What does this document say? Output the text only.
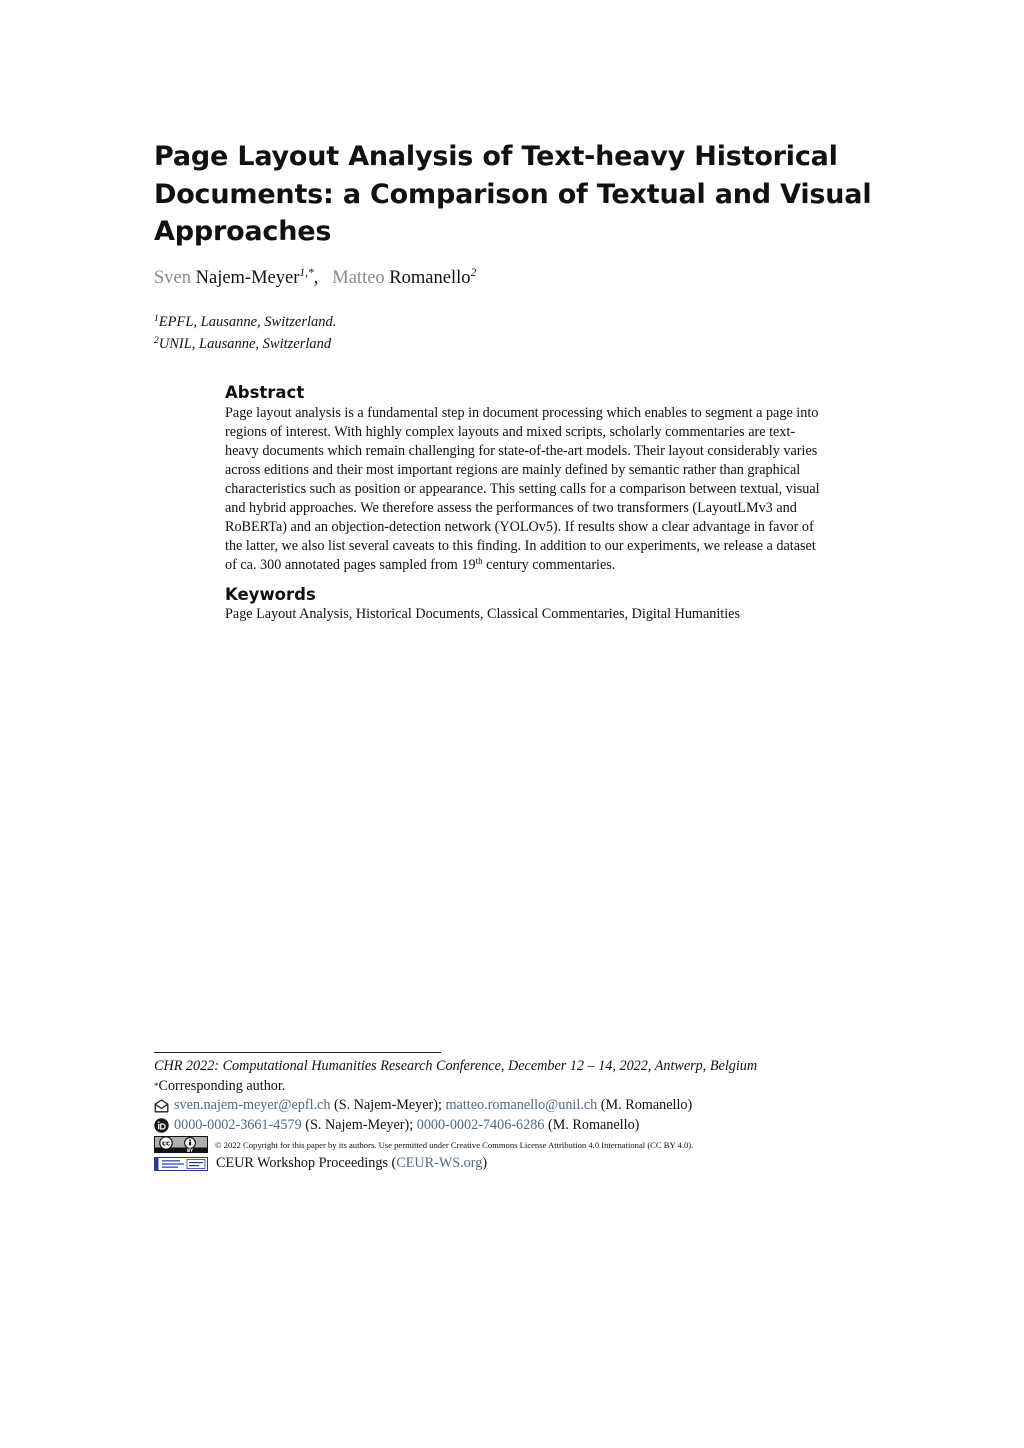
Page Layout Analysis of Text-heavy Historical
Documents: a Comparison of Textual and Visual
Approaches
Sven Najem-Meyer$^{1,*}$,   Matteo Romanello$^2$
$^1$EPFL, Lausanne, Switzerland.
$^2$UNIL, Lausanne, Switzerland
Abstract
Page layout analysis is a fundamental step in document processing which enables to segment a page into
regions of interest. With highly complex layouts and mixed scripts, scholarly commentaries are text-
heavy documents which remain challenging for state-of-the-art models. Their layout considerably varies
across editions and their most important regions are mainly defined by semantic rather than graphical
characteristics such as position or appearance. This setting calls for a comparison between textual, visual
and hybrid approaches. We therefore assess the performances of two transformers (LayoutLMv3 and
RoBERTa) and an objection-detection network (YOLOv5). If results show a clear advantage in favor of
the latter, we also list several caveats to this finding. In addition to our experiments, we release a dataset
of ca. 300 annotated pages sampled from 19th century commentaries.
Keywords
Page Layout Analysis, Historical Documents, Classical Commentaries, Digital Humanities
CHR 2022: Computational Humanities Research Conference, December 12 – 14, 2022, Antwerp, Belgium
* Corresponding author.
sven.najem-meyer@epfl.ch (S. Najem-Meyer); matteo.romanello@unil.ch (M. Romanello)
0000-0002-3661-4579 (S. Najem-Meyer); 0000-0002-7406-6286 (M. Romanello)
cc
BY
© 2022 Copyright for this paper by its authors. Use permitted under Creative Commons License Attribution 4.0 International (CC BY 4.0).
CEUR Workshop Proceedings (CEUR-WS.org)
